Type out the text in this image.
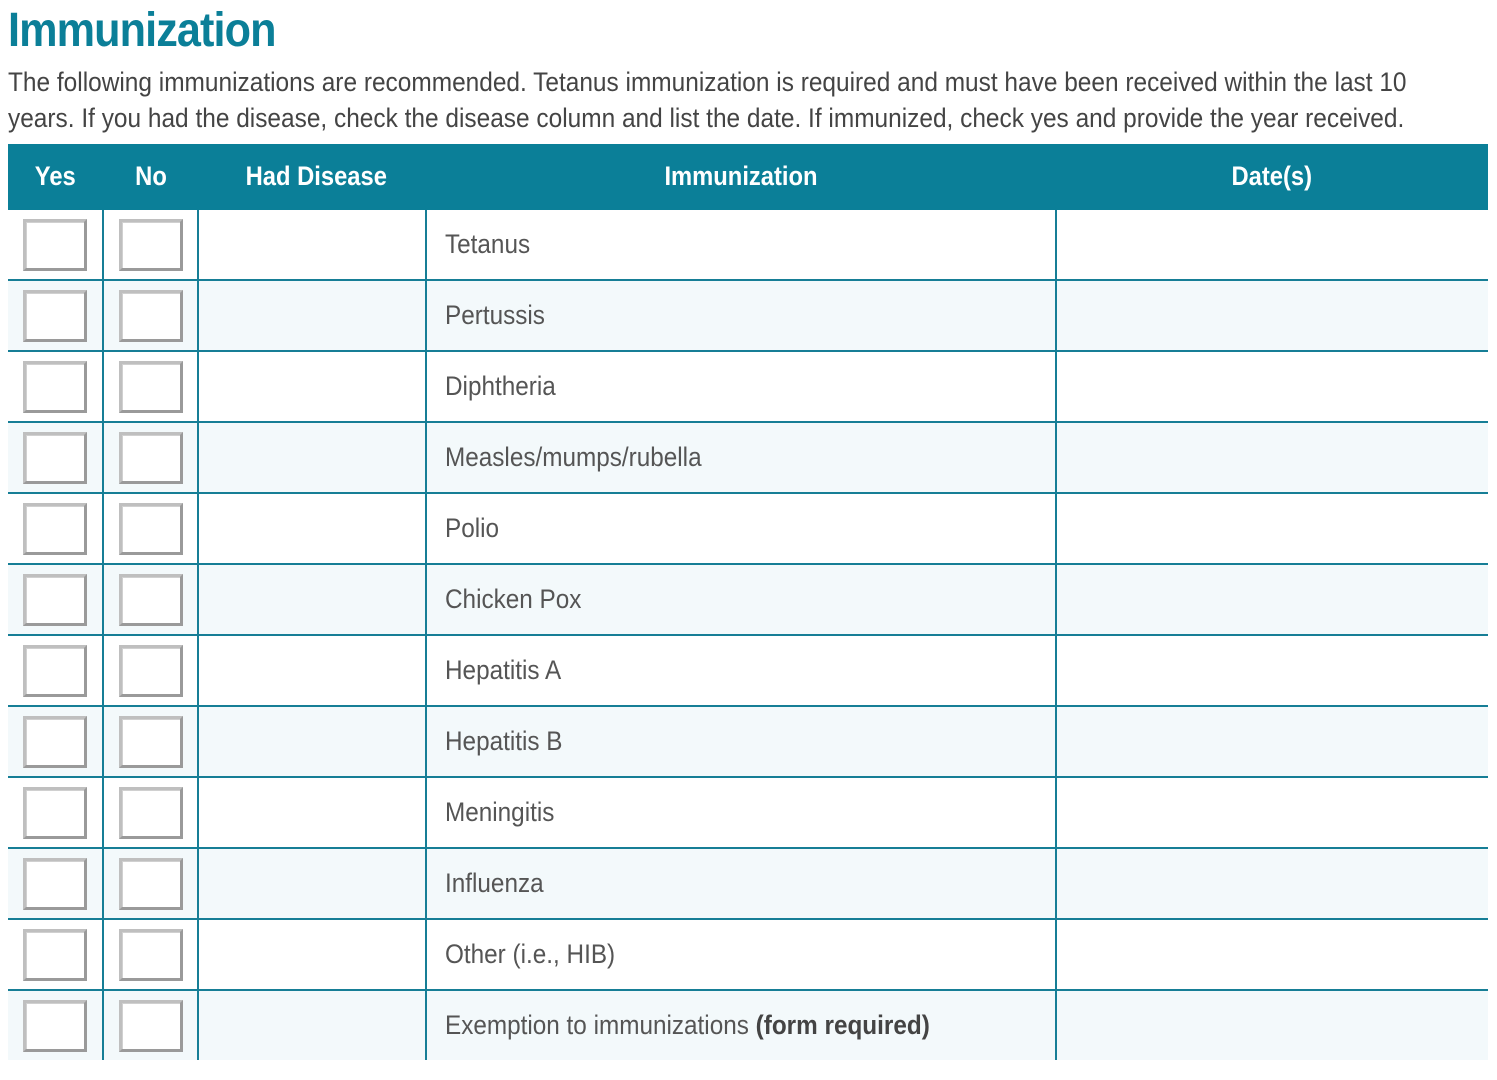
Immunization

The following immunizations are recommended. Tetanus immunization is required and must have been received within the last 10

years. If you had the disease, check the disease column and list the date. If immunized, check yes and provide the year received.

Yes	No	Had Disease	Immunization	Date(s)
			Tetanus	
			Pertussis	
			Diphtheria	
			Measles/mumps/rubella	
			Polio	
			Chicken Pox	
			Hepatitis A	
			Hepatitis B	
			Meningitis	
			Influenza	
			Other (i.e., HIB)	
			Exemption to immunizations (form required)	
